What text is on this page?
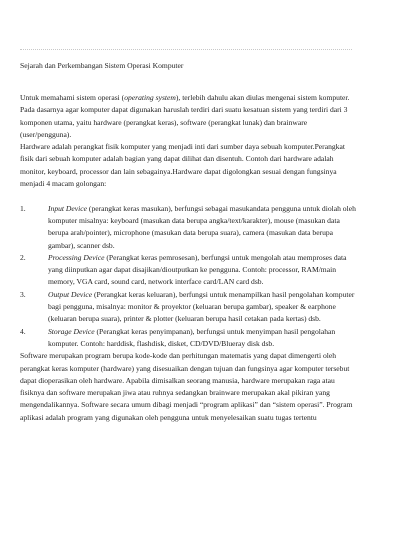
Sejarah dan Perkembangan Sistem Operasi Komputer

Untuk memahami sistem operasi (operating system), terlebih dahulu akan diulas mengenai sistem komputer. Pada dasarnya agar komputer dapat digunakan haruslah terdiri dari suatu kesatuan sistem yang terdiri dari 3 komponen utama, yaitu hardware (perangkat keras), software (perangkat lunak) dan brainware (user/pengguna).

Hardware adalah perangkat fisik komputer yang menjadi inti dari sumber daya sebuah komputer.Perangkat fisik dari sebuah komputer adalah bagian yang dapat dilihat dan disentuh. Contoh dari hardware adalah monitor, keyboard, processor dan lain sebagainya.Hardware dapat digolongkan sesuai dengan fungsinya menjadi 4 macam golongan:

1.	Input Device (perangkat keras masukan), berfungsi sebagai masukandata pengguna untuk diolah oleh komputer misalnya: keyboard (masukan data berupa angka/text/karakter), mouse (masukan data berupa arah/pointer), microphone (masukan data berupa suara), camera (masukan data berupa gambar), scanner dsb.
2.	Processing Device (Perangkat keras pemrosesan), berfungsi untuk mengolah atau memproses data yang diinputkan agar dapat disajikan/dioutputkan ke pengguna. Contoh: processor, RAM/main memory, VGA card, sound card, network interface card/LAN card dsb.
3.	Output Device (Perangkat keras keluaran), berfungsi untuk menampilkan hasil pengolahan komputer bagi pengguna, misalnya: monitor & proyektor (keluaran berupa gambar), speaker & earphone (keluaran berupa suara), printer & plotter (keluaran berupa hasil cetakan pada kertas) dsb.
4.	Storage Device (Perangkat keras penyimpanan), berfungsi untuk menyimpan hasil pengolahan komputer. Contoh: harddisk, flashdisk, disket, CD/DVD/Blueray disk dsb.

Software merupakan program berupa kode-kode dan perhitungan matematis yang dapat dimengerti oleh perangkat keras komputer (hardware) yang disesuaikan dengan tujuan dan fungsinya agar komputer tersebut dapat dioperasikan oleh hardware. Apabila dimisalkan seorang manusia, hardware merupakan raga atau fisiknya dan software merupakan jiwa atau ruhnya sedangkan brainware merupakan akal pikiran yang mengendalikannya. Software secara umum dibagi menjadi “program aplikasi” dan “sistem operasi”. Program aplikasi adalah program yang digunakan oleh pengguna untuk menyelesaikan suatu tugas tertentu
